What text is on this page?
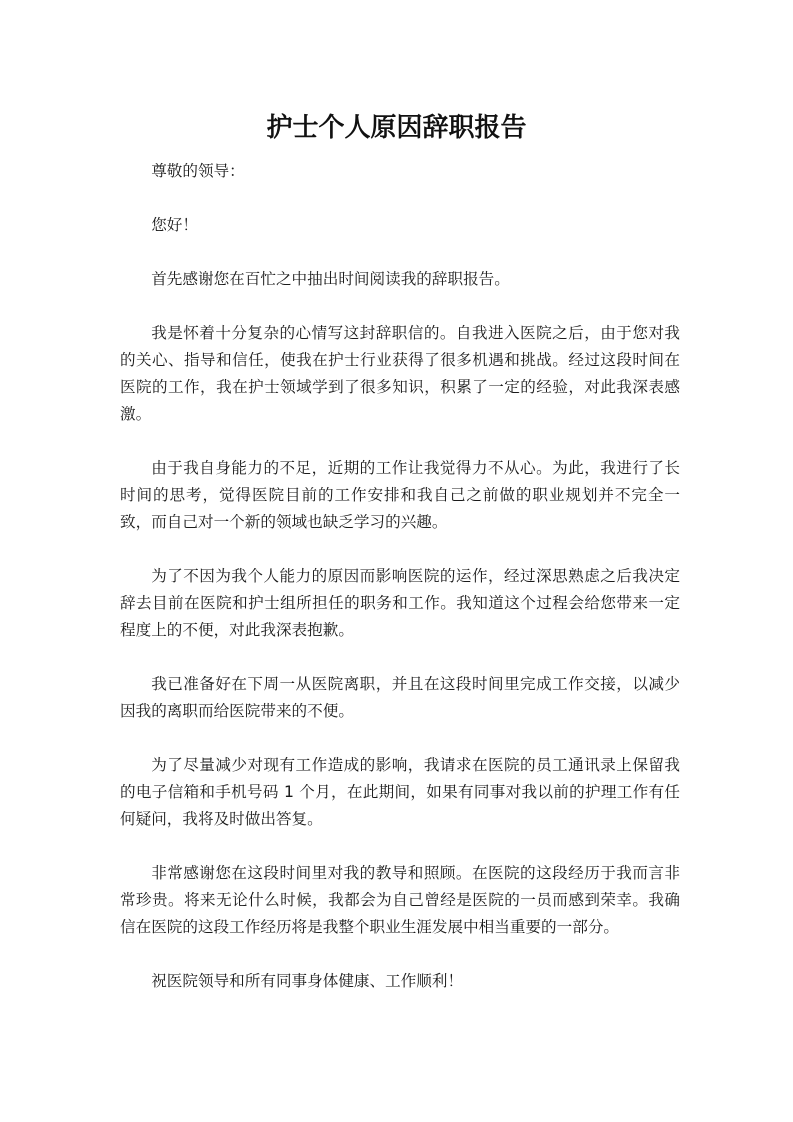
护士个人原因辞职报告

尊敬的领导：

您好！

首先感谢您在百忙之中抽出时间阅读我的辞职报告。

我是怀着十分复杂的心情写这封辞职信的。自我进入医院之后，由于您对我的关心、指导和信任，使我在护士行业获得了很多机遇和挑战。经过这段时间在医院的工作，我在护士领域学到了很多知识，积累了一定的经验，对此我深表感激。

由于我自身能力的不足，近期的工作让我觉得力不从心。为此，我进行了长时间的思考，觉得医院目前的工作安排和我自己之前做的职业规划并不完全一致，而自己对一个新的领域也缺乏学习的兴趣。

为了不因为我个人能力的原因而影响医院的运作，经过深思熟虑之后我决定辞去目前在医院和护士组所担任的职务和工作。我知道这个过程会给您带来一定程度上的不便，对此我深表抱歉。

我已准备好在下周一从医院离职，并且在这段时间里完成工作交接，以减少因我的离职而给医院带来的不便。

为了尽量减少对现有工作造成的影响，我请求在医院的员工通讯录上保留我的电子信箱和手机号码 1 个月，在此期间，如果有同事对我以前的护理工作有任何疑问，我将及时做出答复。

非常感谢您在这段时间里对我的教导和照顾。在医院的这段经历于我而言非常珍贵。将来无论什么时候，我都会为自己曾经是医院的一员而感到荣幸。我确信在医院的这段工作经历将是我整个职业生涯发展中相当重要的一部分。

祝医院领导和所有同事身体健康、工作顺利！
